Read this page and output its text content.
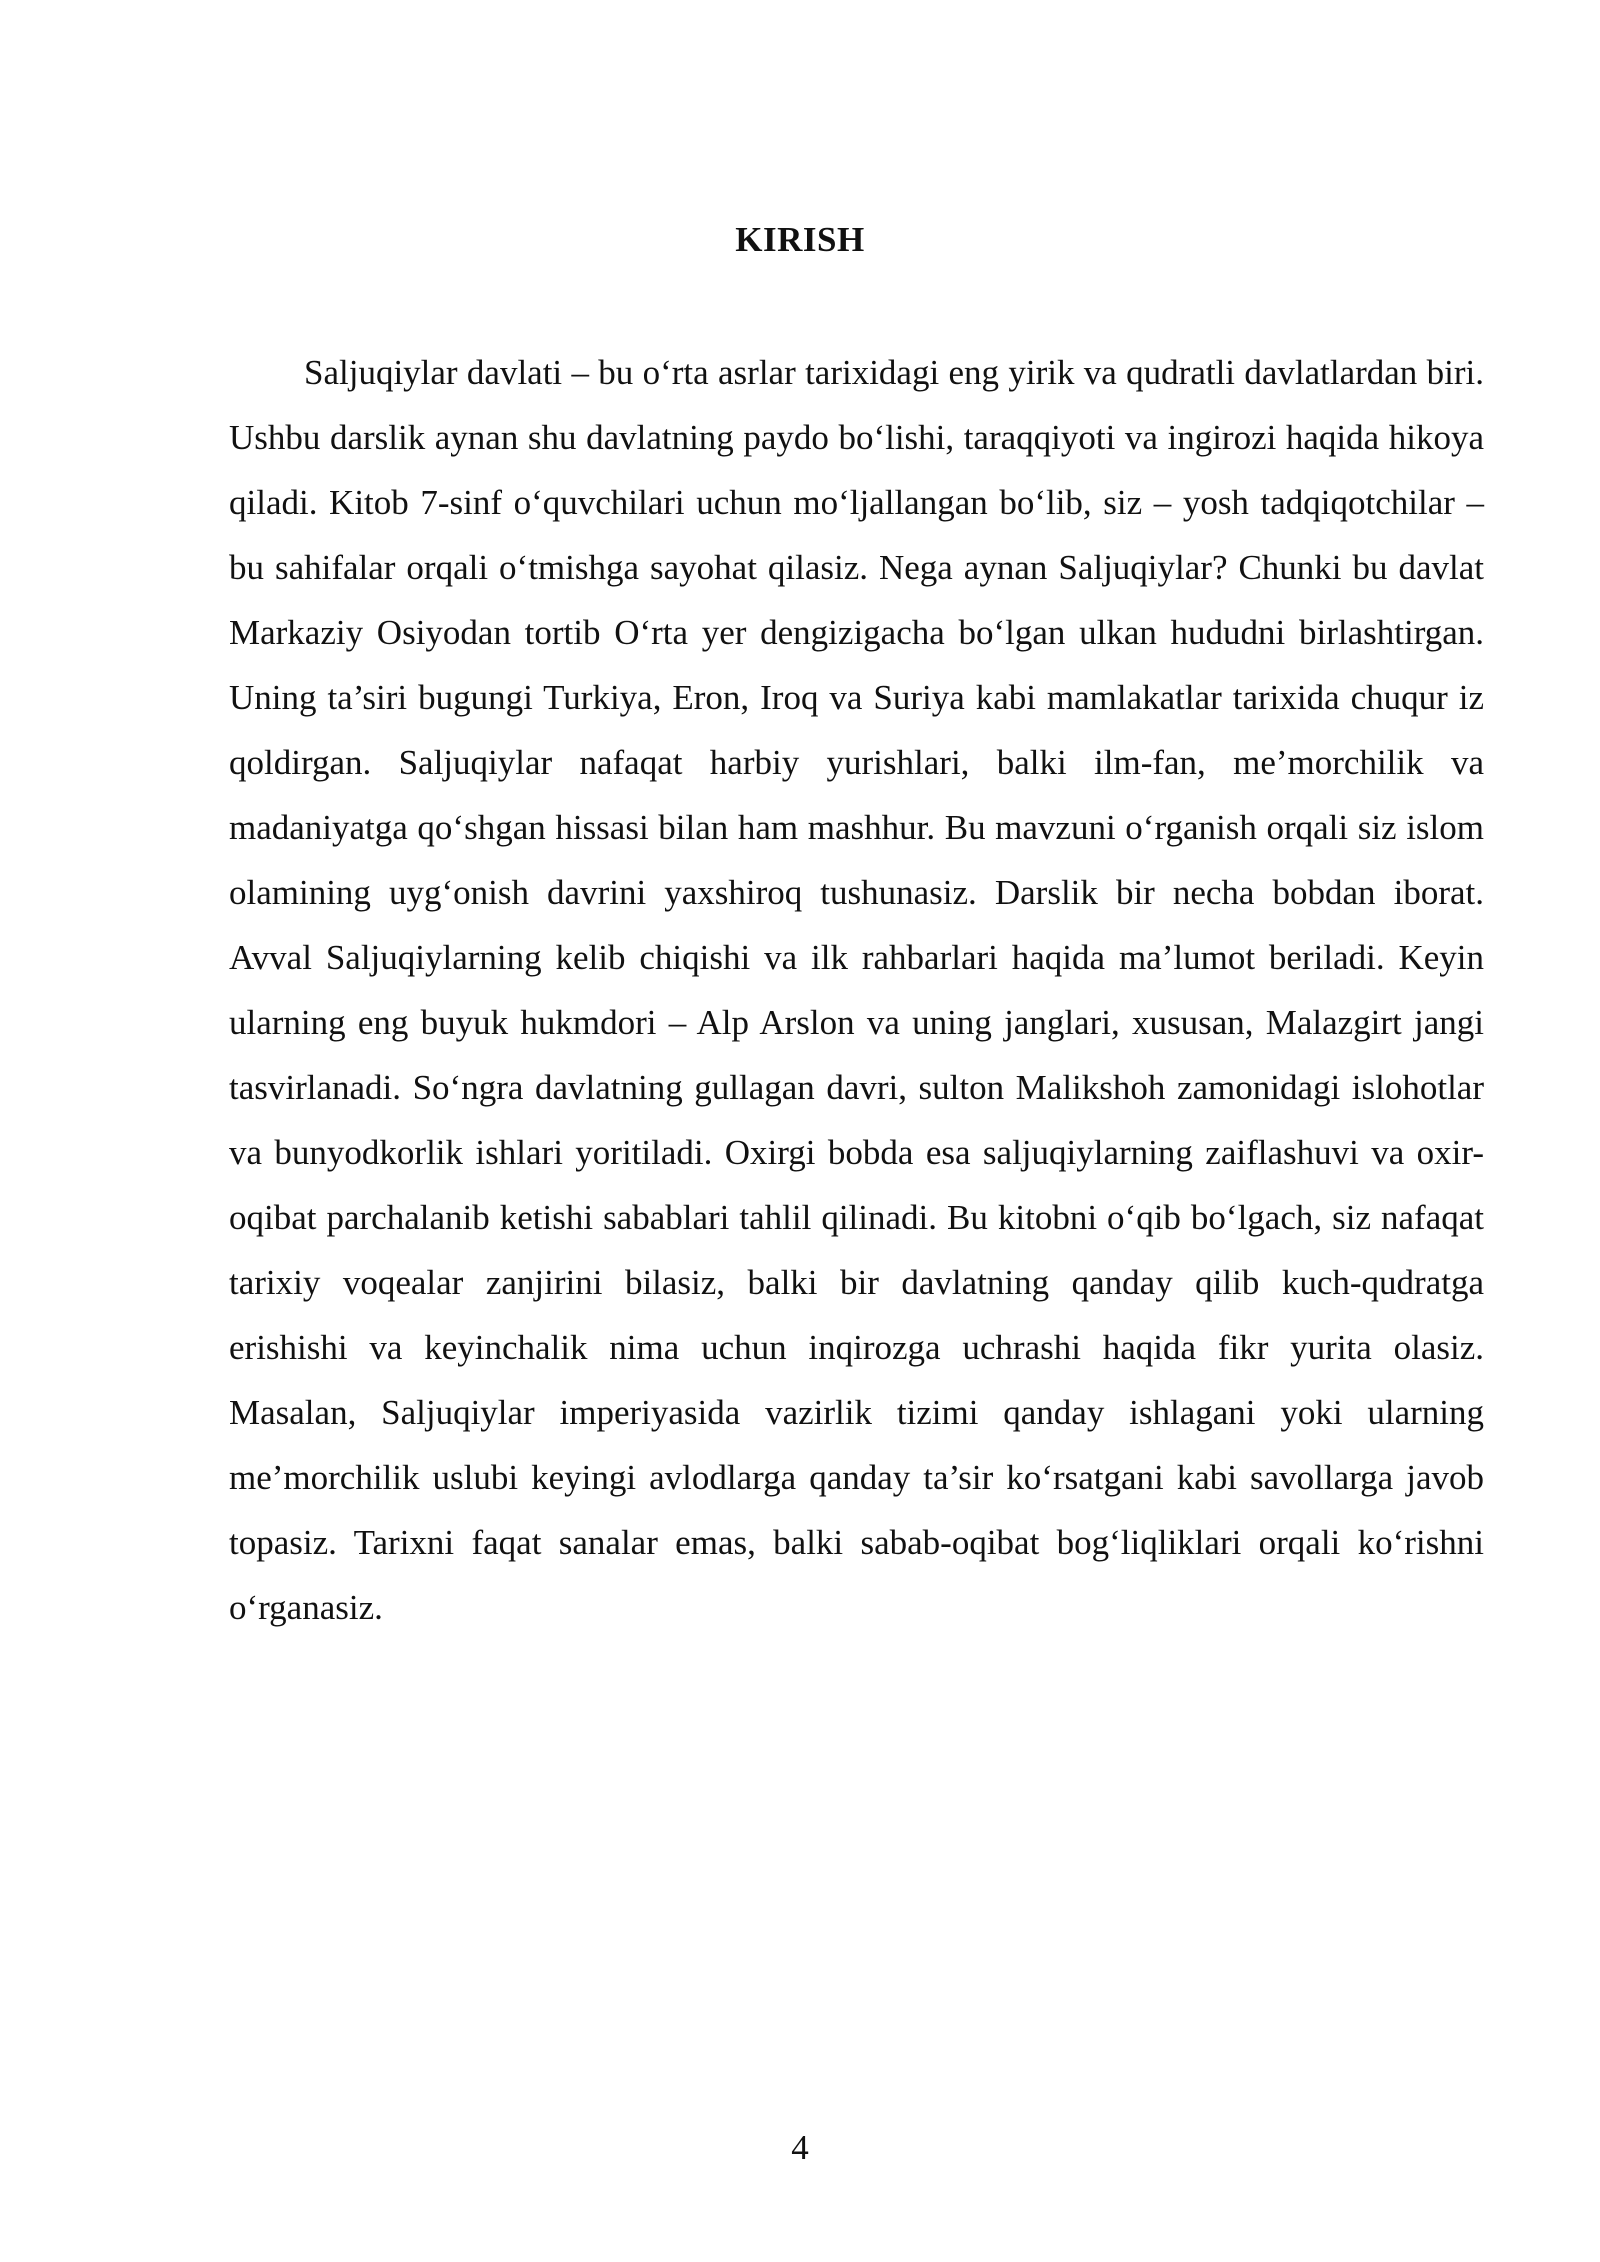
KIRISH

Saljuqiylar davlati – bu o‘rta asrlar tarixidagi eng yirik va qudratli davlatlardan biri. Ushbu darslik aynan shu davlatning paydo bo‘lishi, taraqqiyoti va ingirozi haqida hikoya qiladi. Kitob 7-sinf o‘quvchilari uchun mo‘ljallangan bo‘lib, siz – yosh tadqiqotchilar – bu sahifalar orqali o‘tmishga sayohat qilasiz. Nega aynan Saljuqiylar? Chunki bu davlat Markaziy Osiyodan tortib O‘rta yer dengizigacha bo‘lgan ulkan hududni birlashtirgan. Uning ta’siri bugungi Turkiya, Eron, Iroq va Suriya kabi mamlakatlar tarixida chuqur iz qoldirgan. Saljuqiylar nafaqat harbiy yurishlari, balki ilm-fan, me’morchilik va madaniyatga qo‘shgan hissasi bilan ham mashhur. Bu mavzuni o‘rganish orqali siz islom olamining uyg‘onish davrini yaxshiroq tushunasiz. Darslik bir necha bobdan iborat. Avval Saljuqiylarning kelib chiqishi va ilk rahbarlari haqida ma’lumot beriladi. Keyin ularning eng buyuk hukmdori – Alp Arslon va uning janglari, xususan, Malazgirt jangi tasvirlanadi. So‘ngra davlatning gullagan davri, sulton Malikshoh zamonidagi islohotlar va bunyodkorlik ishlari yoritiladi. Oxirgi bobda esa saljuqiylarning zaiflashuvi va oxir-oqibat parchalanib ketishi sabablari tahlil qilinadi. Bu kitobni o‘qib bo‘lgach, siz nafaqat tarixiy voqealar zanjirini bilasiz, balki bir davlatning qanday qilib kuch-qudratga erishishi va keyinchalik nima uchun inqirozga uchrashi haqida fikr yurita olasiz. Masalan, Saljuqiylar imperiyasida vazirlik tizimi qanday ishlagani yoki ularning me’morchilik uslubi keyingi avlodlarga qanday ta’sir ko‘rsatgani kabi savollarga javob topasiz. Tarixni faqat sanalar emas, balki sabab-oqibat bog‘liqliklari orqali ko‘rishni o‘rganasiz.

4
